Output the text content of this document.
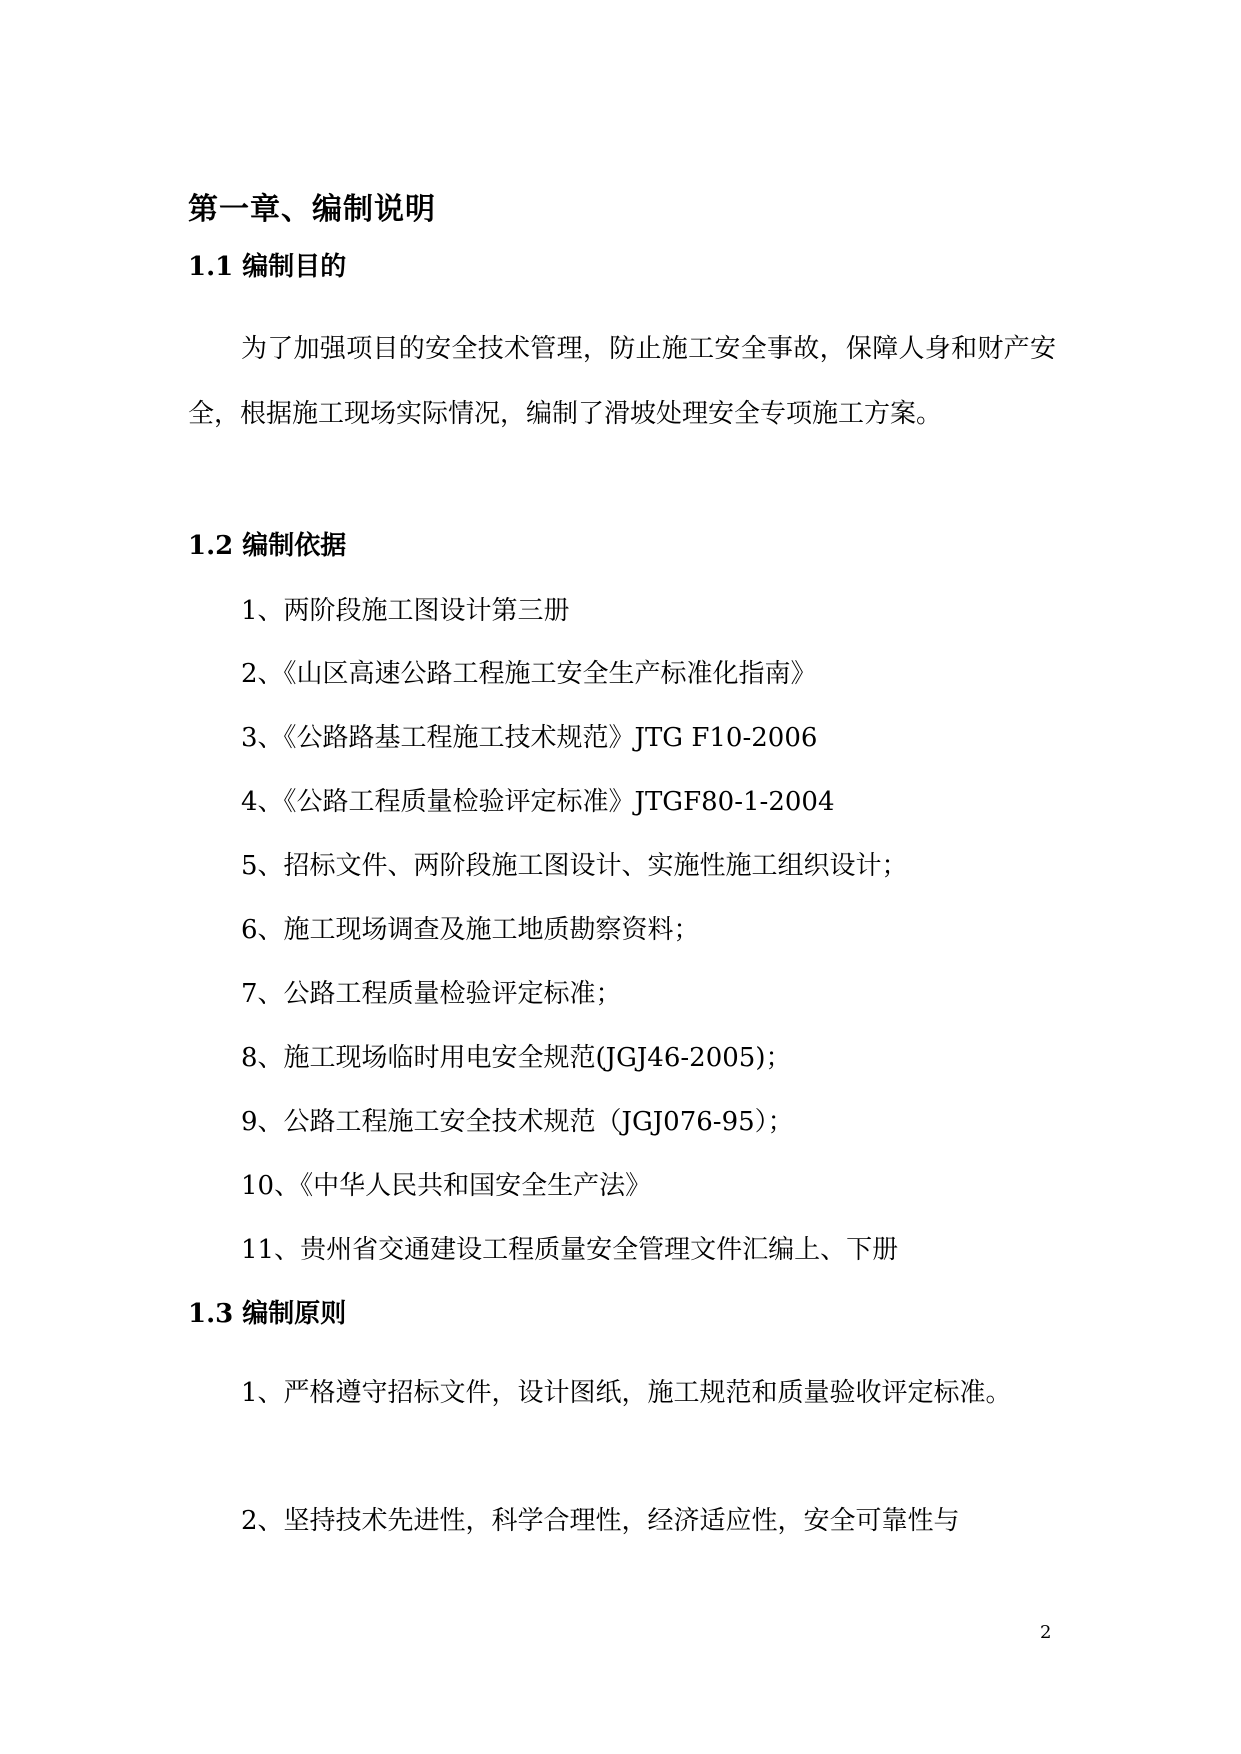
第一章、编制说明
1.1 编制目的

为了加强项目的安全技术管理，防止施工安全事故，保障人身和财产安全，根据施工现场实际情况，编制了滑坡处理安全专项施工方案。

1.2 编制依据

1、两阶段施工图设计第三册

2、《山区高速公路工程施工安全生产标准化指南》

3、《公路路基工程施工技术规范》JTG F10-2006

4、《公路工程质量检验评定标准》JTGF80-1-2004

5、招标文件、两阶段施工图设计、实施性施工组织设计；

6、施工现场调查及施工地质勘察资料；

7、公路工程质量检验评定标准；

8、施工现场临时用电安全规范(JGJ46-2005)；

9、公路工程施工安全技术规范（JGJ076-95）；

10、《中华人民共和国安全生产法》

11、贵州省交通建设工程质量安全管理文件汇编上、下册

1.3 编制原则

1、严格遵守招标文件，设计图纸，施工规范和质量验收评定标准。

2、坚持技术先进性，科学合理性，经济适应性，安全可靠性与

2
